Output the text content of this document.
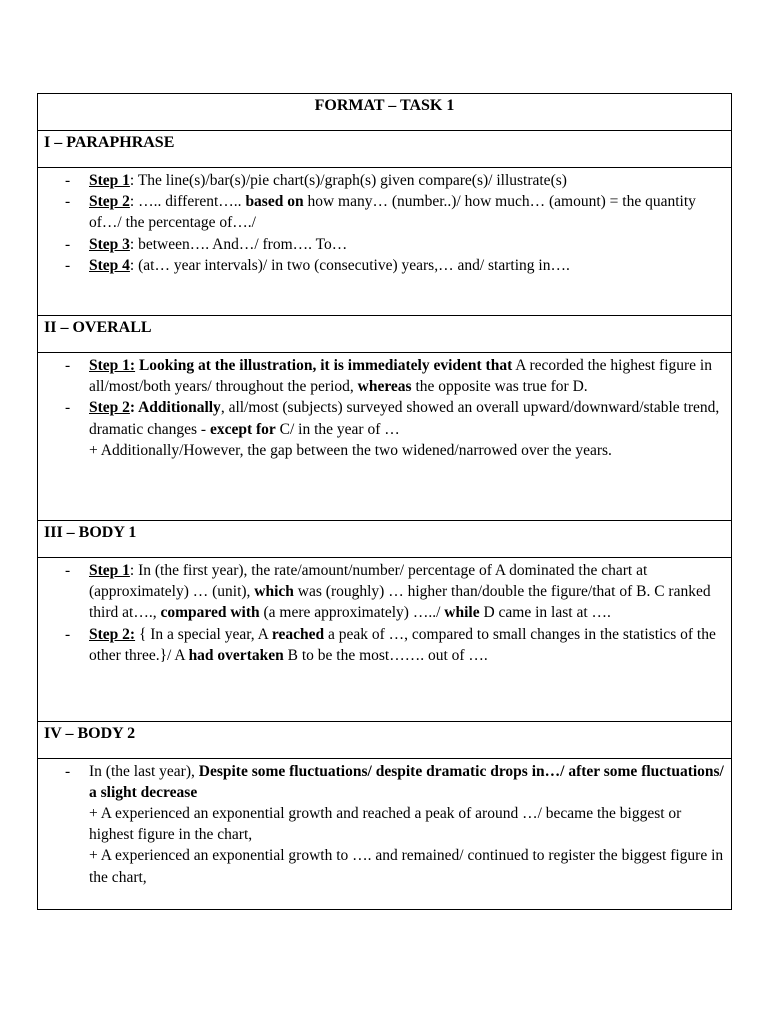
FORMAT – TASK 1
I – PARAPHRASE
- Step 1: The line(s)/bar(s)/pie chart(s)/graph(s) given compare(s)/ illustrate(s)
- Step 2: ….. different….. based on how many… (number..)/ how much… (amount) = the quantity of…/ the percentage of…./
- Step 3: between…. And…/ from…. To…
- Step 4: (at… year intervals)/ in two (consecutive) years,… and/ starting in….
II – OVERALL
- Step 1: Looking at the illustration, it is immediately evident that A recorded the highest figure in all/most/both years/ throughout the period, whereas the opposite was true for D.
- Step 2: Additionally, all/most (subjects) surveyed showed an overall upward/downward/stable trend, dramatic changes - except for C/ in the year of …
+ Additionally/However, the gap between the two widened/narrowed over the years.
III – BODY 1
- Step 1: In (the first year), the rate/amount/number/ percentage of A dominated the chart at (approximately) … (unit), which was (roughly) … higher than/double the figure/that of B. C ranked third at…., compared with (a mere approximately) …../ while D came in last at ….
- Step 2: { In a special year, A reached a peak of …, compared to small changes in the statistics of the other three.}/ A had overtaken B to be the most……. out of ….
IV – BODY 2
- In (the last year), Despite some fluctuations/ despite dramatic drops in…/ after some fluctuations/ a slight decrease
+ A experienced an exponential growth and reached a peak of around …/ became the biggest or highest figure in the chart,
+ A experienced an exponential growth to …. and remained/ continued to register the biggest figure in the chart,
